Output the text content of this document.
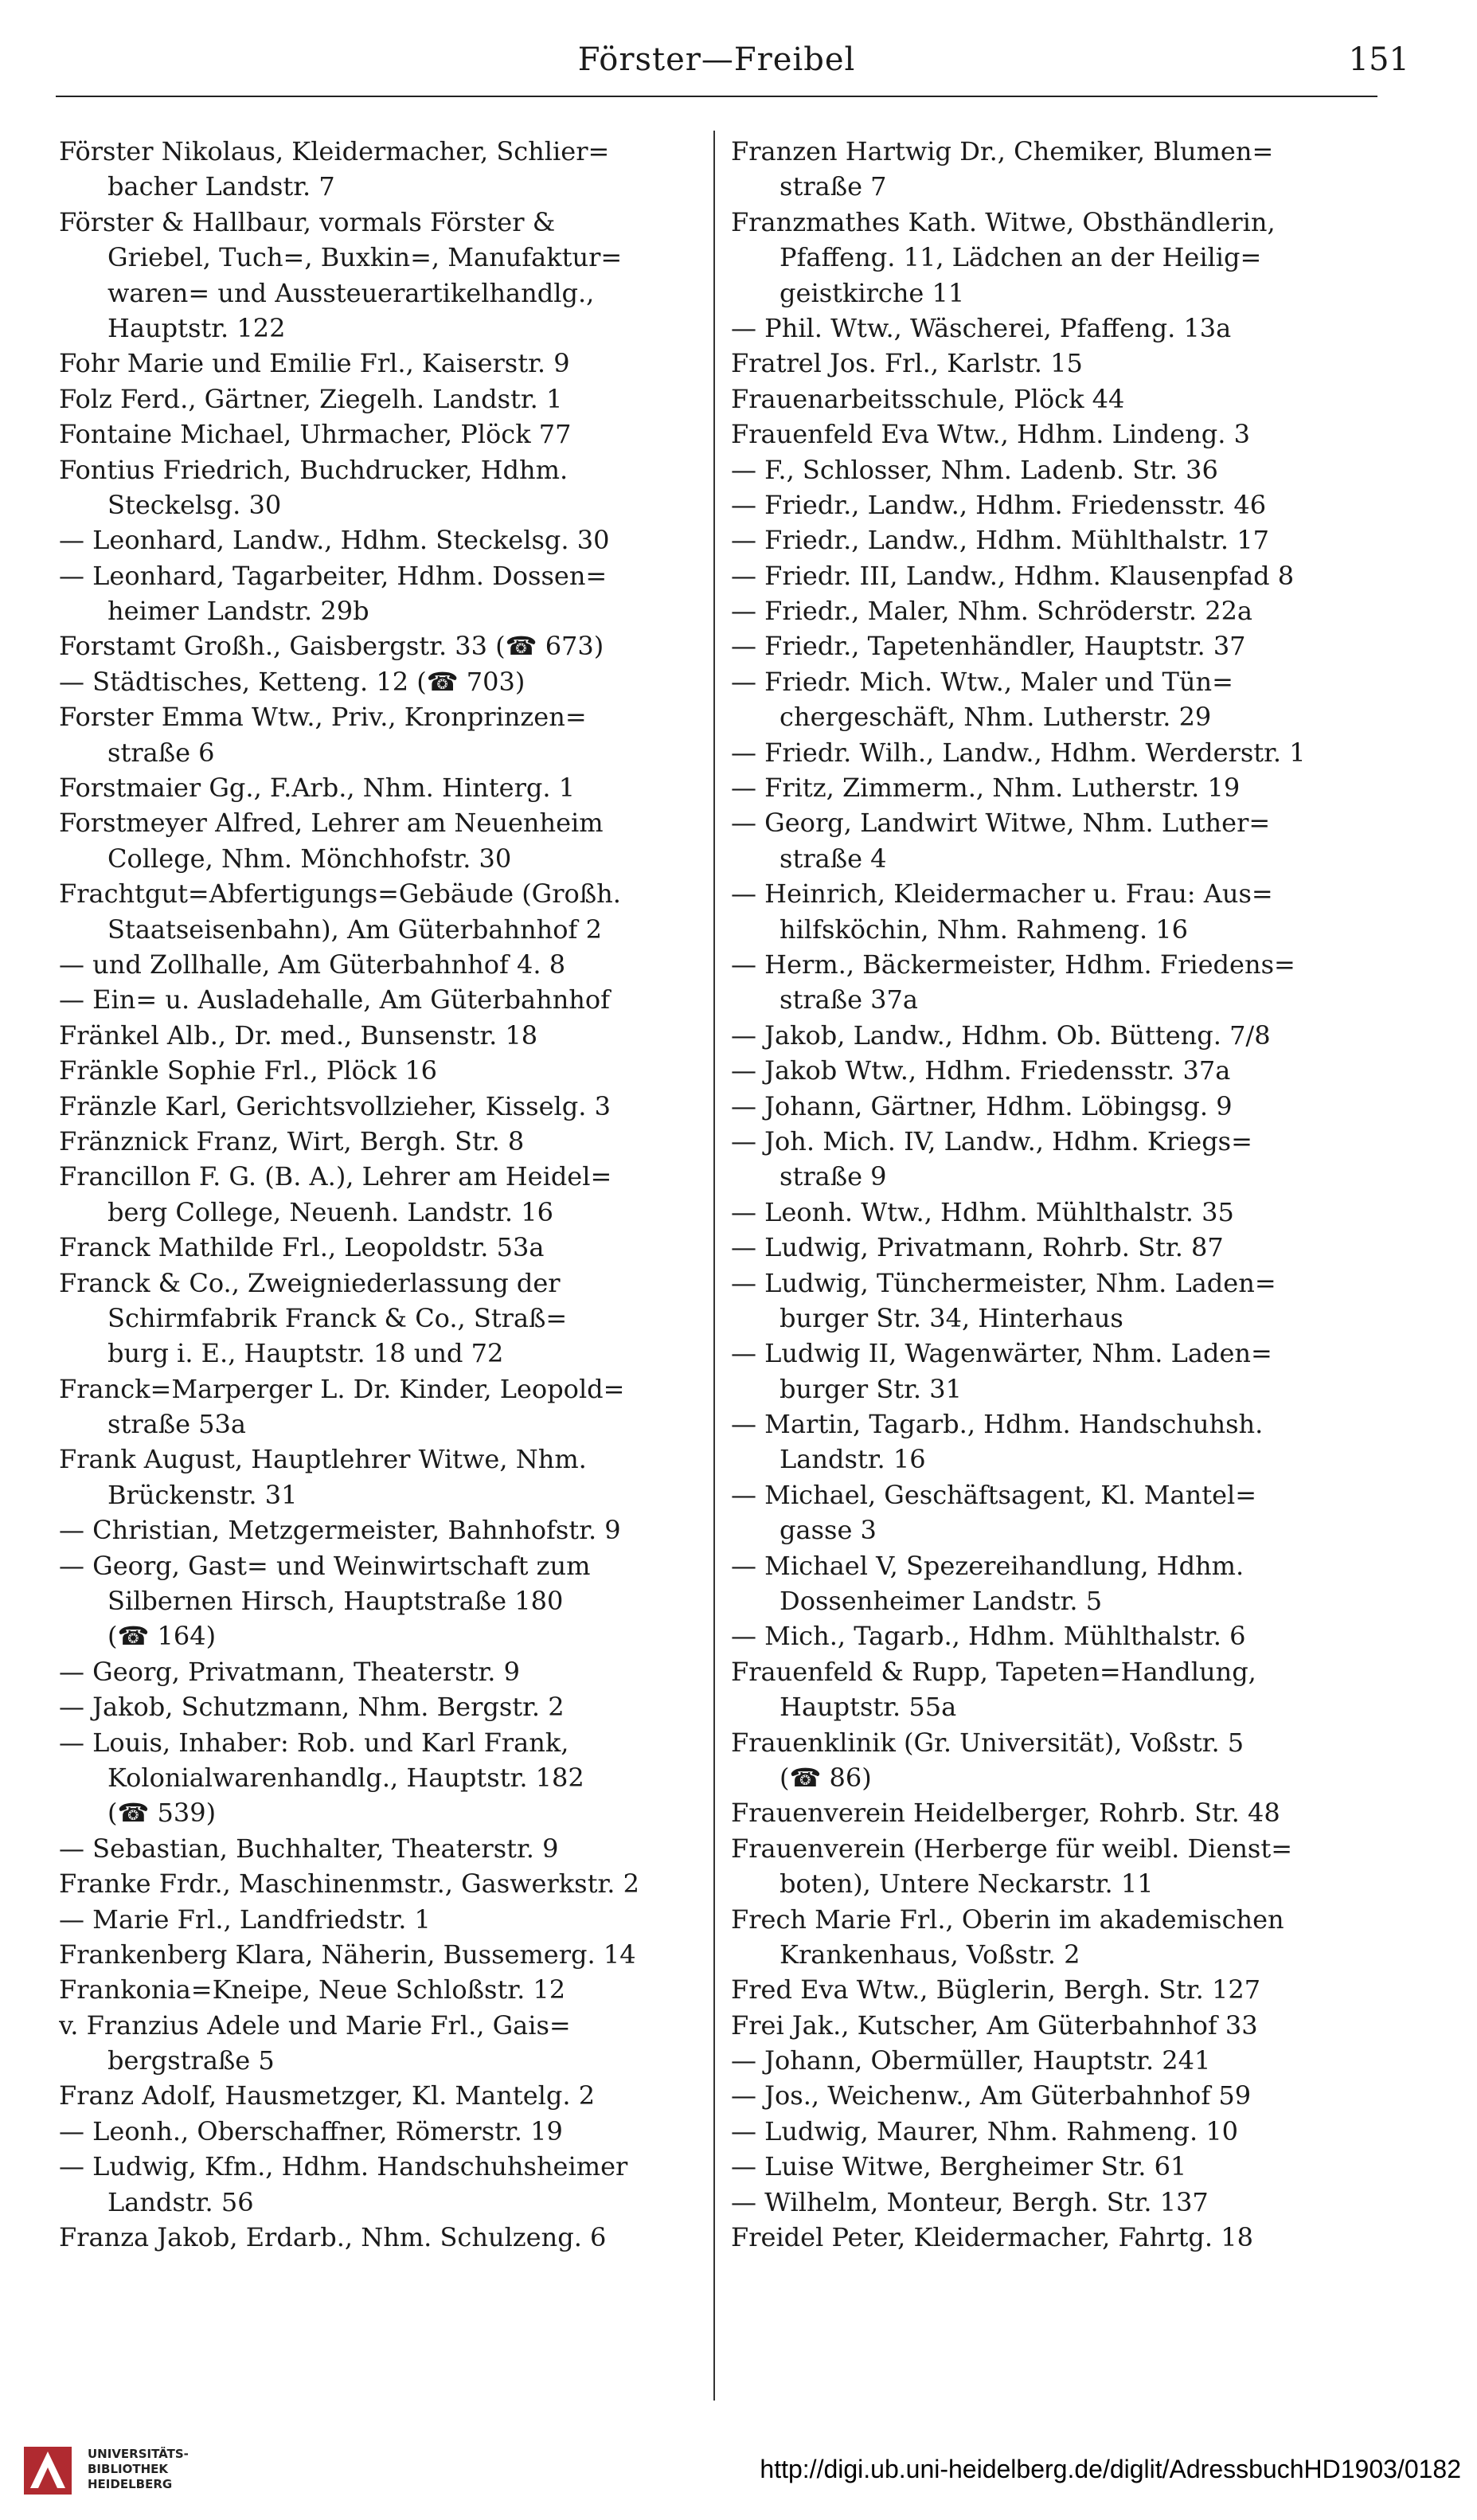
Förster—Freibel	151
Förster Nikolaus, Kleidermacher, Schlier=
bacher Landstr. 7
Förster & Hallbaur, vormals Förster &
Griebel, Tuch=, Buxkin=, Manufaktur=
waren= und Aussteuerartikelhandlg.,
Hauptstr. 122
Fohr Marie und Emilie Frl., Kaiserstr. 9
Folz Ferd., Gärtner, Ziegelh. Landstr. 1
Fontaine Michael, Uhrmacher, Plöck 77
Fontius Friedrich, Buchdrucker, Hdhm.
Steckelsg. 30
— Leonhard, Landw., Hdhm. Steckelsg. 30
— Leonhard, Tagarbeiter, Hdhm. Dossen=
heimer Landstr. 29b
Forstamt Großh., Gaisbergstr. 33 (☎ 673)
— Städtisches, Ketteng. 12 (☎ 703)
Forster Emma Wtw., Priv., Kronprinzen=
straße 6
Forstmaier Gg., F.Arb., Nhm. Hinterg. 1
Forstmeyer Alfred, Lehrer am Neuenheim
College, Nhm. Mönchhofstr. 30
Frachtgut=Abfertigungs=Gebäude (Großh.
Staatseisenbahn), Am Güterbahnhof 2
— und Zollhalle, Am Güterbahnhof 4. 8
— Ein= u. Ausladehalle, Am Güterbahnhof
Fränkel Alb., Dr. med., Bunsenstr. 18
Fränkle Sophie Frl., Plöck 16
Fränzle Karl, Gerichtsvollzieher, Kisselg. 3
Fränznick Franz, Wirt, Bergh. Str. 8
Francillon F. G. (B. A.), Lehrer am Heidel=
berg College, Neuenh. Landstr. 16
Franck Mathilde Frl., Leopoldstr. 53a
Franck & Co., Zweigniederlassung der
Schirmfabrik Franck & Co., Straß=
burg i. E., Hauptstr. 18 und 72
Franck=Marperger L. Dr. Kinder, Leopold=
straße 53a
Frank August, Hauptlehrer Witwe, Nhm.
Brückenstr. 31
— Christian, Metzgermeister, Bahnhofstr. 9
— Georg, Gast= und Weinwirtschaft zum
Silbernen Hirsch, Hauptstraße 180
(☎ 164)
— Georg, Privatmann, Theaterstr. 9
— Jakob, Schutzmann, Nhm. Bergstr. 2
— Louis, Inhaber: Rob. und Karl Frank,
Kolonialwarenhandlg., Hauptstr. 182
(☎ 539)
— Sebastian, Buchhalter, Theaterstr. 9
Franke Frdr., Maschinenmstr., Gaswerkstr. 2
— Marie Frl., Landfriedstr. 1
Frankenberg Klara, Näherin, Bussemerg. 14
Frankonia=Kneipe, Neue Schloßstr. 12
v. Franzius Adele und Marie Frl., Gais=
bergstraße 5
Franz Adolf, Hausmetzger, Kl. Mantelg. 2
— Leonh., Oberschaffner, Römerstr. 19
— Ludwig, Kfm., Hdhm. Handschuhsheimer
Landstr. 56
Franza Jakob, Erdarb., Nhm. Schulzeng. 6
Franzen Hartwig Dr., Chemiker, Blumen=
straße 7
Franzmathes Kath. Witwe, Obsthändlerin,
Pfaffeng. 11, Lädchen an der Heilig=
geistkirche 11
— Phil. Wtw., Wäscherei, Pfaffeng. 13a
Fratrel Jos. Frl., Karlstr. 15
Frauenarbeitsschule, Plöck 44
Frauenfeld Eva Wtw., Hdhm. Lindeng. 3
— F., Schlosser, Nhm. Ladenb. Str. 36
— Friedr., Landw., Hdhm. Friedensstr. 46
— Friedr., Landw., Hdhm. Mühlthalstr. 17
— Friedr. III, Landw., Hdhm. Klausenpfad 8
— Friedr., Maler, Nhm. Schröderstr. 22a
— Friedr., Tapetenhändler, Hauptstr. 37
— Friedr. Mich. Wtw., Maler und Tün=
chergeschäft, Nhm. Lutherstr. 29
— Friedr. Wilh., Landw., Hdhm. Werderstr. 1
— Fritz, Zimmerm., Nhm. Lutherstr. 19
— Georg, Landwirt Witwe, Nhm. Luther=
straße 4
— Heinrich, Kleidermacher u. Frau: Aus=
hilfsköchin, Nhm. Rahmeng. 16
— Herm., Bäckermeister, Hdhm. Friedens=
straße 37a
— Jakob, Landw., Hdhm. Ob. Bütteng. 7/8
— Jakob Wtw., Hdhm. Friedensstr. 37a
— Johann, Gärtner, Hdhm. Löbingsg. 9
— Joh. Mich. IV, Landw., Hdhm. Kriegs=
straße 9
— Leonh. Wtw., Hdhm. Mühlthalstr. 35
— Ludwig, Privatmann, Rohrb. Str. 87
— Ludwig, Tünchermeister, Nhm. Laden=
burger Str. 34, Hinterhaus
— Ludwig II, Wagenwärter, Nhm. Laden=
burger Str. 31
— Martin, Tagarb., Hdhm. Handschuhsh.
Landstr. 16
— Michael, Geschäftsagent, Kl. Mantel=
gasse 3
— Michael V, Spezereihandlung, Hdhm.
Dossenheimer Landstr. 5
— Mich., Tagarb., Hdhm. Mühlthalstr. 6
Frauenfeld & Rupp, Tapeten=Handlung,
Hauptstr. 55a
Frauenklinik (Gr. Universität), Voßstr. 5
(☎ 86)
Frauenverein Heidelberger, Rohrb. Str. 48
Frauenverein (Herberge für weibl. Dienst=
boten), Untere Neckarstr. 11
Frech Marie Frl., Oberin im akademischen
Krankenhaus, Voßstr. 2
Fred Eva Wtw., Büglerin, Bergh. Str. 127
Frei Jak., Kutscher, Am Güterbahnhof 33
— Johann, Obermüller, Hauptstr. 241
— Jos., Weichenw., Am Güterbahnhof 59
— Ludwig, Maurer, Nhm. Rahmeng. 10
— Luise Witwe, Bergheimer Str. 61
— Wilhelm, Monteur, Bergh. Str. 137
Freidel Peter, Kleidermacher, Fahrtg. 18
UNIVERSITÄTS-
BIBLIOTHEK
HEIDELBERG
http://digi.ub.uni-heidelberg.de/diglit/AdressbuchHD1903/0182
